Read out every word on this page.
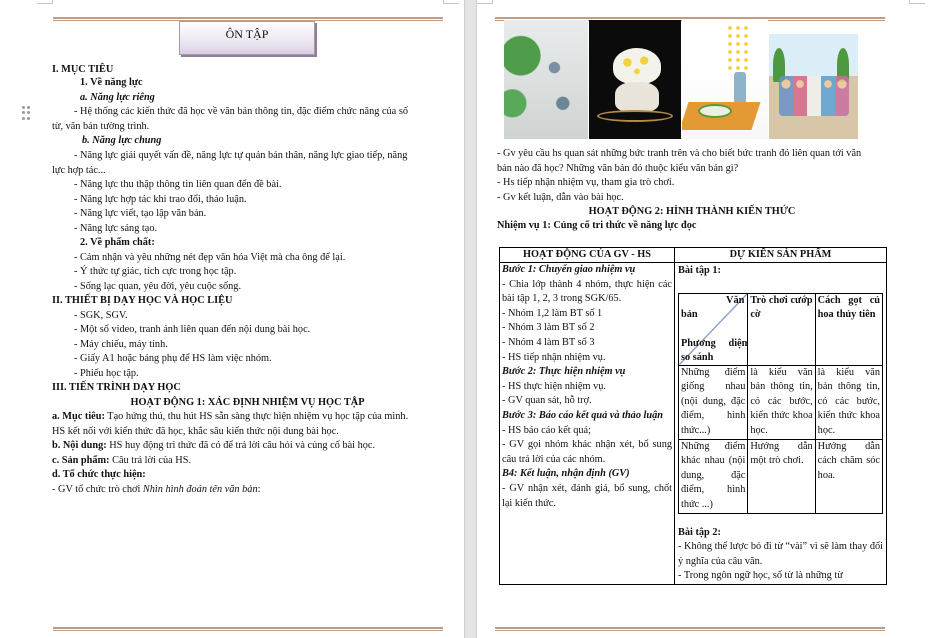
ÔN TẬP
I. MỤC TIÊU
1. Về năng lực
a. Năng lực riêng
- Hệ thống các kiến thức đã học về văn bản thông tin, đặc điểm chức năng của số
từ, văn bản tường trình.
b. Năng lực chung
- Năng lực giải quyết vấn đề, năng lực tự quản bản thân, năng lực giao tiếp, năng
lực hợp tác...
- Năng lực thu thập thông tin liên quan đến đề bài.
- Năng lực hợp tác khi trao đổi, thảo luận.
- Năng lực viết, tạo lập văn bản.
- Năng lực sáng tạo.
2. Về phẩm chất:
- Cảm nhận và yêu những nét đẹp văn hóa Việt mà cha ông để lại.
- Ý thức tự giác, tích cực trong học tập.
- Sống lạc quan, yêu đời, yêu cuộc sống.
II. THIẾT BỊ DẠY HỌC VÀ HỌC LIỆU
- SGK, SGV.
- Một số video, tranh ảnh liên quan đến nội dung bài học.
- Máy chiếu, máy tính.
- Giấy A1 hoặc bảng phụ để HS làm việc nhóm.
- Phiếu học tập.
III. TIẾN TRÌNH DẠY HỌC
HOẠT ĐỘNG 1: XÁC ĐỊNH NHIỆM VỤ HỌC TẬP
a. Mục tiêu: Tạo hứng thú, thu hút HS sẵn sàng thực hiện nhiệm vụ học tập của mình.
HS kết nối với kiến thức đã học, khắc sâu kiến thức nội dung bài học.
b. Nội dung: HS huy động tri thức đã có để trả lời câu hỏi và củng cố bài học.
c. Sản phẩm: Câu trả lời của HS.
d. Tổ chức thực hiện:
- GV tổ chức trò chơi Nhìn hình đoán tên văn bản:
- Gv yêu cầu hs quan sát những bức tranh trên và cho biết bức tranh đó liên quan tới văn
bản nào đã học? Những văn bản đó thuộc kiểu văn bản gì?
- Hs tiếp nhận nhiệm vụ, tham gia trò chơi.
- Gv kết luận, dẫn vào bài học.
HOẠT ĐỘNG 2: HÌNH THÀNH KIẾN THỨC
Nhiệm vụ 1: Củng cố tri thức về năng lực đọc
HOẠT ĐỘNG CỦA GV - HS	DỰ KIẾN SẢN PHẨM

Bước 1: Chuyển giao nhiệm vụ
- Chia lớp thành 4 nhóm, thực hiện các bài tập 1, 2, 3 trong SGK/65.
- Nhóm 1,2 làm BT số 1
- Nhóm 3 làm BT số 2
- Nhóm 4 làm BT số 3
- HS tiếp nhận nhiệm vụ.
Bước 2: Thực hiện nhiệm vụ
- HS thực hiện nhiệm vụ.
- GV quan sát, hỗ trợ.
Bước 3: Báo cáo kết quả và thảo luận
- HS báo cáo kết quả;
- GV gọi nhóm khác nhận xét, bổ sung câu trả lời của các nhóm.
B4: Kết luận, nhận định (GV)
- GV nhận xét, đánh giá, bổ sung, chốt lại kiến thức.

Bài tập 1:
Văn
bản
Phương diện so sánh
	Trò chơi cướp cờ	Cách gọt củ hoa thủy tiên
Những điểm giống nhau (nội dung, đặc điểm, hình thức...)	là kiểu văn bản thông tin, có các bước, kiến thức khoa học.	là kiểu văn bản thông tin, có các bước, kiến thức khoa học.
Những điểm khác nhau (nội dung, đặc điểm, hình thức ...)	Hướng dẫn một trò chơi.	Hướng dẫn cách chăm sóc hoa.
Bài tập 2:
- Không thể lược bỏ đi từ “vài” vì sẽ làm thay đổi ý nghĩa của câu văn.
- Trong ngôn ngữ học, số từ là những từ
